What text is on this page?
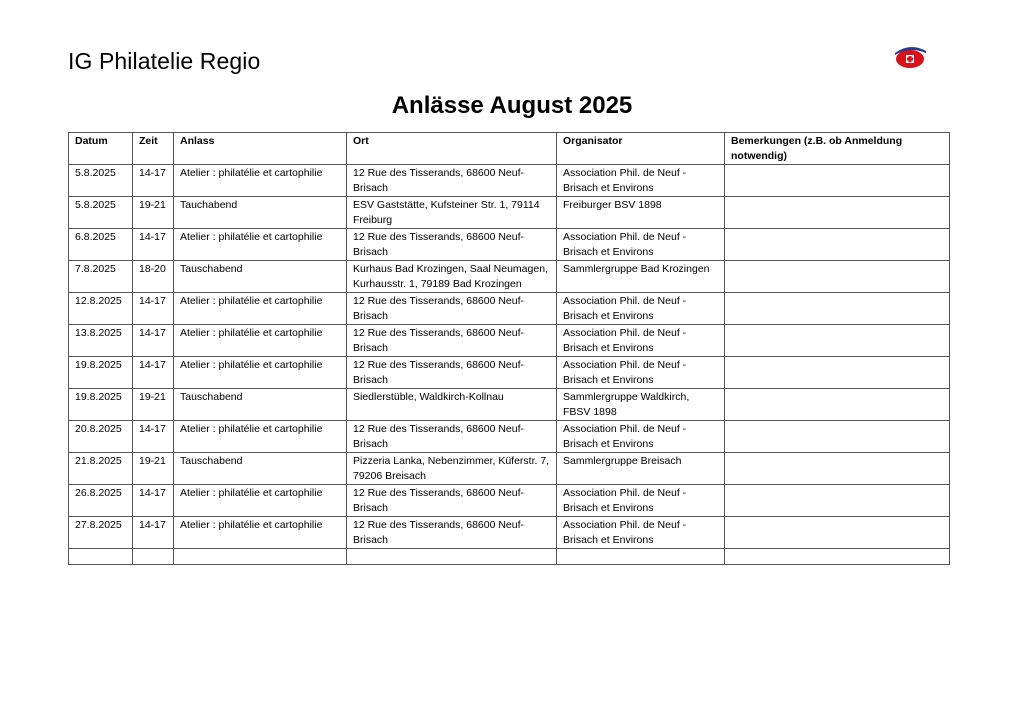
IG Philatelie Regio
Anlässe August 2025
Datum	Zeit	Anlass	Ort	Organisator	Bemerkungen (z.B. ob Anmeldung notwendig)
5.8.2025	14-17	Atelier : philatélie et cartophilie	12 Rue des Tisserands, 68600 Neuf-Brisach	Association Phil. de Neuf -Brisach et Environs	
5.8.2025	19-21	Tauchabend	ESV Gaststätte, Kufsteiner Str. 1, 79114 Freiburg	Freiburger BSV 1898	
6.8.2025	14-17	Atelier : philatélie et cartophilie	12 Rue des Tisserands, 68600 Neuf-Brisach	Association Phil. de Neuf -Brisach et Environs	
7.8.2025	18-20	Tauschabend	Kurhaus Bad Krozingen, Saal Neumagen, Kurhausstr. 1, 79189 Bad Krozingen	Sammlergruppe Bad Krozingen	
12.8.2025	14-17	Atelier : philatélie et cartophilie	12 Rue des Tisserands, 68600 Neuf-Brisach	Association Phil. de Neuf -Brisach et Environs	
13.8.2025	14-17	Atelier : philatélie et cartophilie	12 Rue des Tisserands, 68600 Neuf-Brisach	Association Phil. de Neuf -Brisach et Environs	
19.8.2025	14-17	Atelier : philatélie et cartophilie	12 Rue des Tisserands, 68600 Neuf-Brisach	Association Phil. de Neuf -Brisach et Environs	
19.8.2025	19-21	Tauschabend	Siedlerstüble, Waldkirch-Kollnau	Sammlergruppe Waldkirch, FBSV 1898	
20.8.2025	14-17	Atelier : philatélie et cartophilie	12 Rue des Tisserands, 68600 Neuf-Brisach	Association Phil. de Neuf -Brisach et Environs	
21.8.2025	19-21	Tauschabend	Pizzeria Lanka, Nebenzimmer, Küferstr. 7, 79206 Breisach	Sammlergruppe Breisach	
26.8.2025	14-17	Atelier : philatélie et cartophilie	12 Rue des Tisserands, 68600 Neuf-Brisach	Association Phil. de Neuf -Brisach et Environs	
27.8.2025	14-17	Atelier : philatélie et cartophilie	12 Rue des Tisserands, 68600 Neuf-Brisach	Association Phil. de Neuf -Brisach et Environs	
